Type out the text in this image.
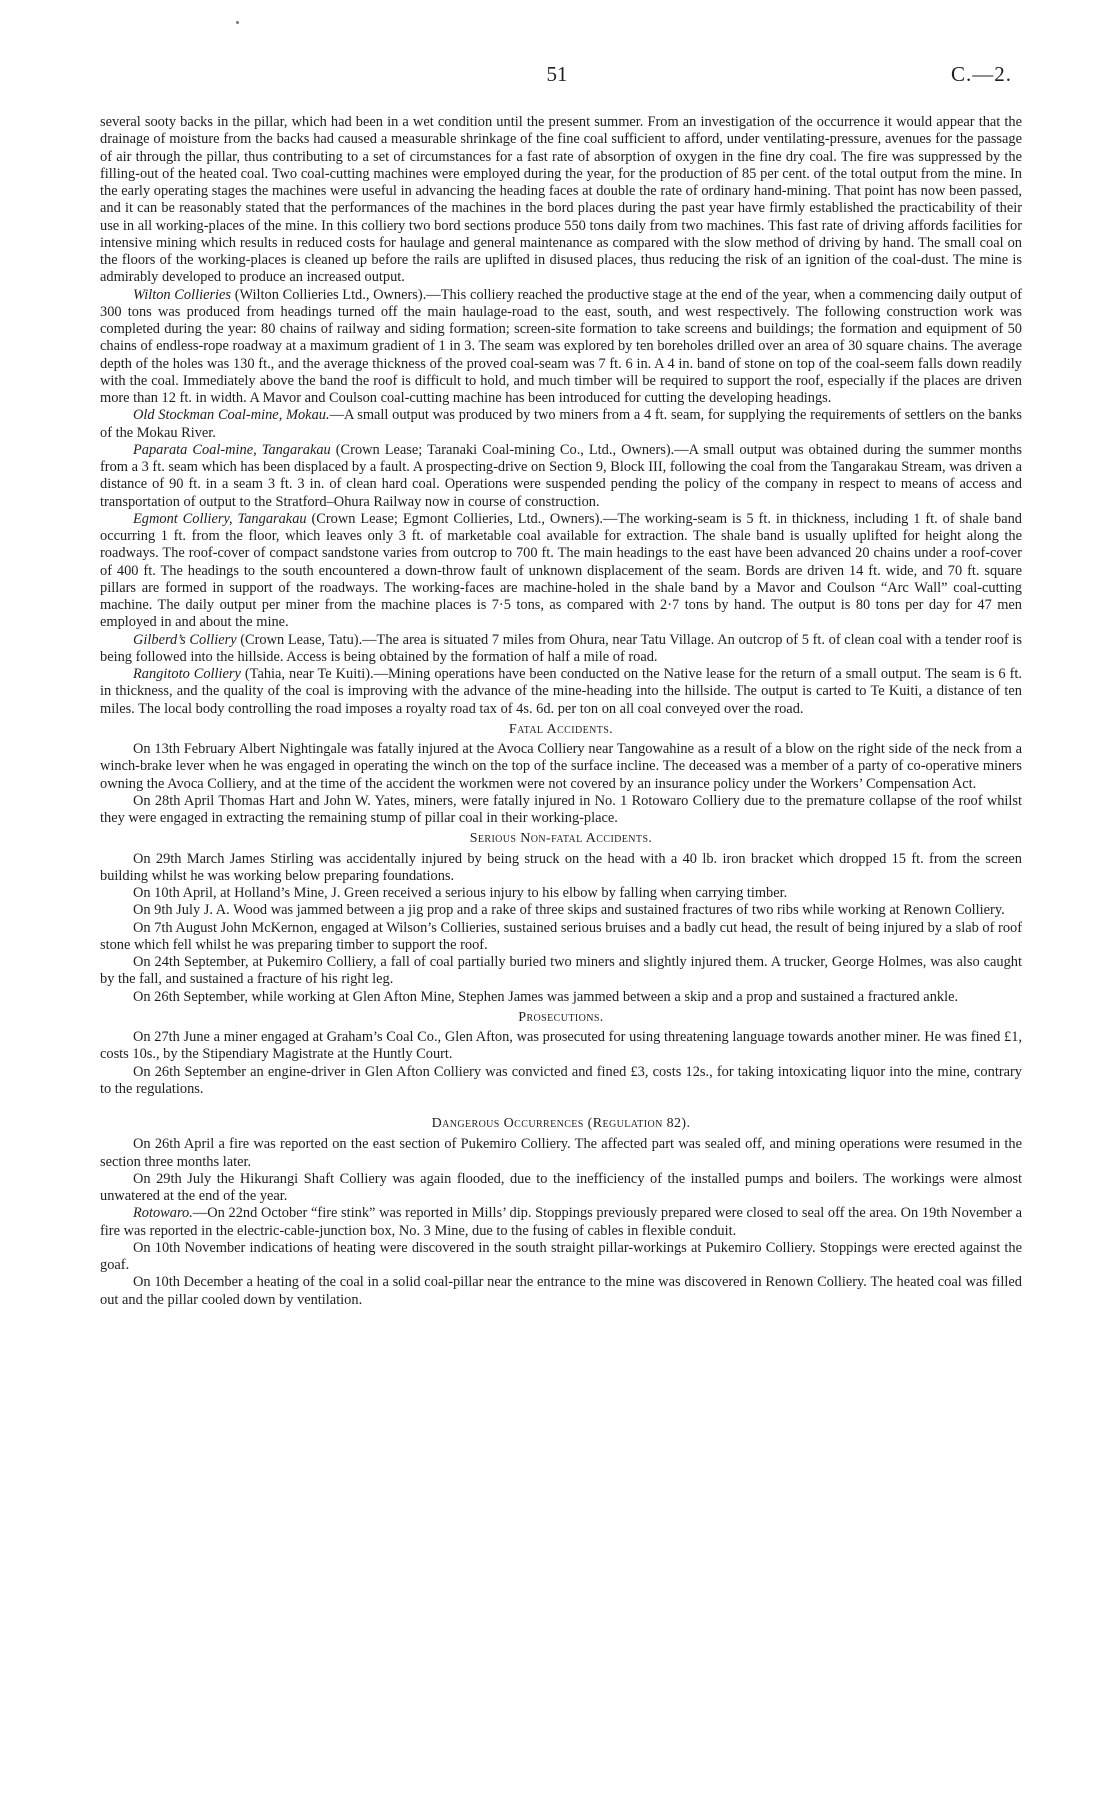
51	C.—2.

several sooty backs in the pillar, which had been in a wet condition until the present summer. From an investigation of the occurrence it would appear that the drainage of moisture from the backs had caused a measurable shrinkage of the fine coal sufficient to afford, under ventilating-pressure, avenues for the passage of air through the pillar, thus contributing to a set of circumstances for a fast rate of absorption of oxygen in the fine dry coal. The fire was suppressed by the filling-out of the heated coal. Two coal-cutting machines were employed during the year, for the production of 85 per cent. of the total output from the mine. In the early operating stages the machines were useful in advancing the heading faces at double the rate of ordinary hand-mining. That point has now been passed, and it can be reasonably stated that the performances of the machines in the bord places during the past year have firmly established the practicability of their use in all working-places of the mine. In this colliery two bord sections produce 550 tons daily from two machines. This fast rate of driving affords facilities for intensive mining which results in reduced costs for haulage and general maintenance as compared with the slow method of driving by hand. The small coal on the floors of the working-places is cleaned up before the rails are uplifted in disused places, thus reducing the risk of an ignition of the coal-dust. The mine is admirably developed to produce an increased output.

Wilton Collieries (Wilton Collieries Ltd., Owners).—This colliery reached the productive stage at the end of the year, when a commencing daily output of 300 tons was produced from headings turned off the main haulage-road to the east, south, and west respectively. The following construction work was completed during the year: 80 chains of railway and siding formation; screen-site formation to take screens and buildings; the formation and equipment of 50 chains of endless-rope roadway at a maximum gradient of 1 in 3. The seam was explored by ten boreholes drilled over an area of 30 square chains. The average depth of the holes was 130 ft., and the average thickness of the proved coal-seam was 7 ft. 6 in. A 4 in. band of stone on top of the coal-seem falls down readily with the coal. Immediately above the band the roof is difficult to hold, and much timber will be required to support the roof, especially if the places are driven more than 12 ft. in width. A Mavor and Coulson coal-cutting machine has been introduced for cutting the developing headings.

Old Stockman Coal-mine, Mokau.—A small output was produced by two miners from a 4 ft. seam, for supplying the requirements of settlers on the banks of the Mokau River.

Paparata Coal-mine, Tangarakau (Crown Lease; Taranaki Coal-mining Co., Ltd., Owners).—A small output was obtained during the summer months from a 3 ft. seam which has been displaced by a fault. A prospecting-drive on Section 9, Block III, following the coal from the Tangarakau Stream, was driven a distance of 90 ft. in a seam 3 ft. 3 in. of clean hard coal. Operations were suspended pending the policy of the company in respect to means of access and transportation of output to the Stratford–Ohura Railway now in course of construction.

Egmont Colliery, Tangarakau (Crown Lease; Egmont Collieries, Ltd., Owners).—The working-seam is 5 ft. in thickness, including 1 ft. of shale band occurring 1 ft. from the floor, which leaves only 3 ft. of marketable coal available for extraction. The shale band is usually uplifted for height along the roadways. The roof-cover of compact sandstone varies from outcrop to 700 ft. The main headings to the east have been advanced 20 chains under a roof-cover of 400 ft. The headings to the south encountered a down-throw fault of unknown displacement of the seam. Bords are driven 14 ft. wide, and 70 ft. square pillars are formed in support of the roadways. The working-faces are machine-holed in the shale band by a Mavor and Coulson “Arc Wall” coal-cutting machine. The daily output per miner from the machine places is 7·5 tons, as compared with 2·7 tons by hand. The output is 80 tons per day for 47 men employed in and about the mine.

Gilberd’s Colliery (Crown Lease, Tatu).—The area is situated 7 miles from Ohura, near Tatu Village. An outcrop of 5 ft. of clean coal with a tender roof is being followed into the hillside. Access is being obtained by the formation of half a mile of road.

Rangitoto Colliery (Tahia, near Te Kuiti).—Mining operations have been conducted on the Native lease for the return of a small output. The seam is 6 ft. in thickness, and the quality of the coal is improving with the advance of the mine-heading into the hillside. The output is carted to Te Kuiti, a distance of ten miles. The local body controlling the road imposes a royalty road tax of 4s. 6d. per ton on all coal conveyed over the road.

Fatal Accidents.

On 13th February Albert Nightingale was fatally injured at the Avoca Colliery near Tangowahine as a result of a blow on the right side of the neck from a winch-brake lever when he was engaged in operating the winch on the top of the surface incline. The deceased was a member of a party of co-operative miners owning the Avoca Colliery, and at the time of the accident the workmen were not covered by an insurance policy under the Workers’ Compensation Act.

On 28th April Thomas Hart and John W. Yates, miners, were fatally injured in No. 1 Rotowaro Colliery due to the premature collapse of the roof whilst they were engaged in extracting the remaining stump of pillar coal in their working-place.

Serious Non-fatal Accidents.

On 29th March James Stirling was accidentally injured by being struck on the head with a 40 lb. iron bracket which dropped 15 ft. from the screen building whilst he was working below preparing foundations.

On 10th April, at Holland’s Mine, J. Green received a serious injury to his elbow by falling when carrying timber.

On 9th July J. A. Wood was jammed between a jig prop and a rake of three skips and sustained fractures of two ribs while working at Renown Colliery.

On 7th August John McKernon, engaged at Wilson’s Collieries, sustained serious bruises and a badly cut head, the result of being injured by a slab of roof stone which fell whilst he was preparing timber to support the roof.

On 24th September, at Pukemiro Colliery, a fall of coal partially buried two miners and slightly injured them. A trucker, George Holmes, was also caught by the fall, and sustained a fracture of his right leg.

On 26th September, while working at Glen Afton Mine, Stephen James was jammed between a skip and a prop and sustained a fractured ankle.

Prosecutions.

On 27th June a miner engaged at Graham’s Coal Co., Glen Afton, was prosecuted for using threatening language towards another miner. He was fined £1, costs 10s., by the Stipendiary Magistrate at the Huntly Court.

On 26th September an engine-driver in Glen Afton Colliery was convicted and fined £3, costs 12s., for taking intoxicating liquor into the mine, contrary to the regulations.

Dangerous Occurrences (Regulation 82).

On 26th April a fire was reported on the east section of Pukemiro Colliery. The affected part was sealed off, and mining operations were resumed in the section three months later.

On 29th July the Hikurangi Shaft Colliery was again flooded, due to the inefficiency of the installed pumps and boilers. The workings were almost unwatered at the end of the year.

Rotowaro.—On 22nd October “fire stink” was reported in Mills’ dip. Stoppings previously prepared were closed to seal off the area. On 19th November a fire was reported in the electric-cable-junction box, No. 3 Mine, due to the fusing of cables in flexible conduit.

On 10th November indications of heating were discovered in the south straight pillar-workings at Pukemiro Colliery. Stoppings were erected against the goaf.

On 10th December a heating of the coal in a solid coal-pillar near the entrance to the mine was discovered in Renown Colliery. The heated coal was filled out and the pillar cooled down by ventilation.
